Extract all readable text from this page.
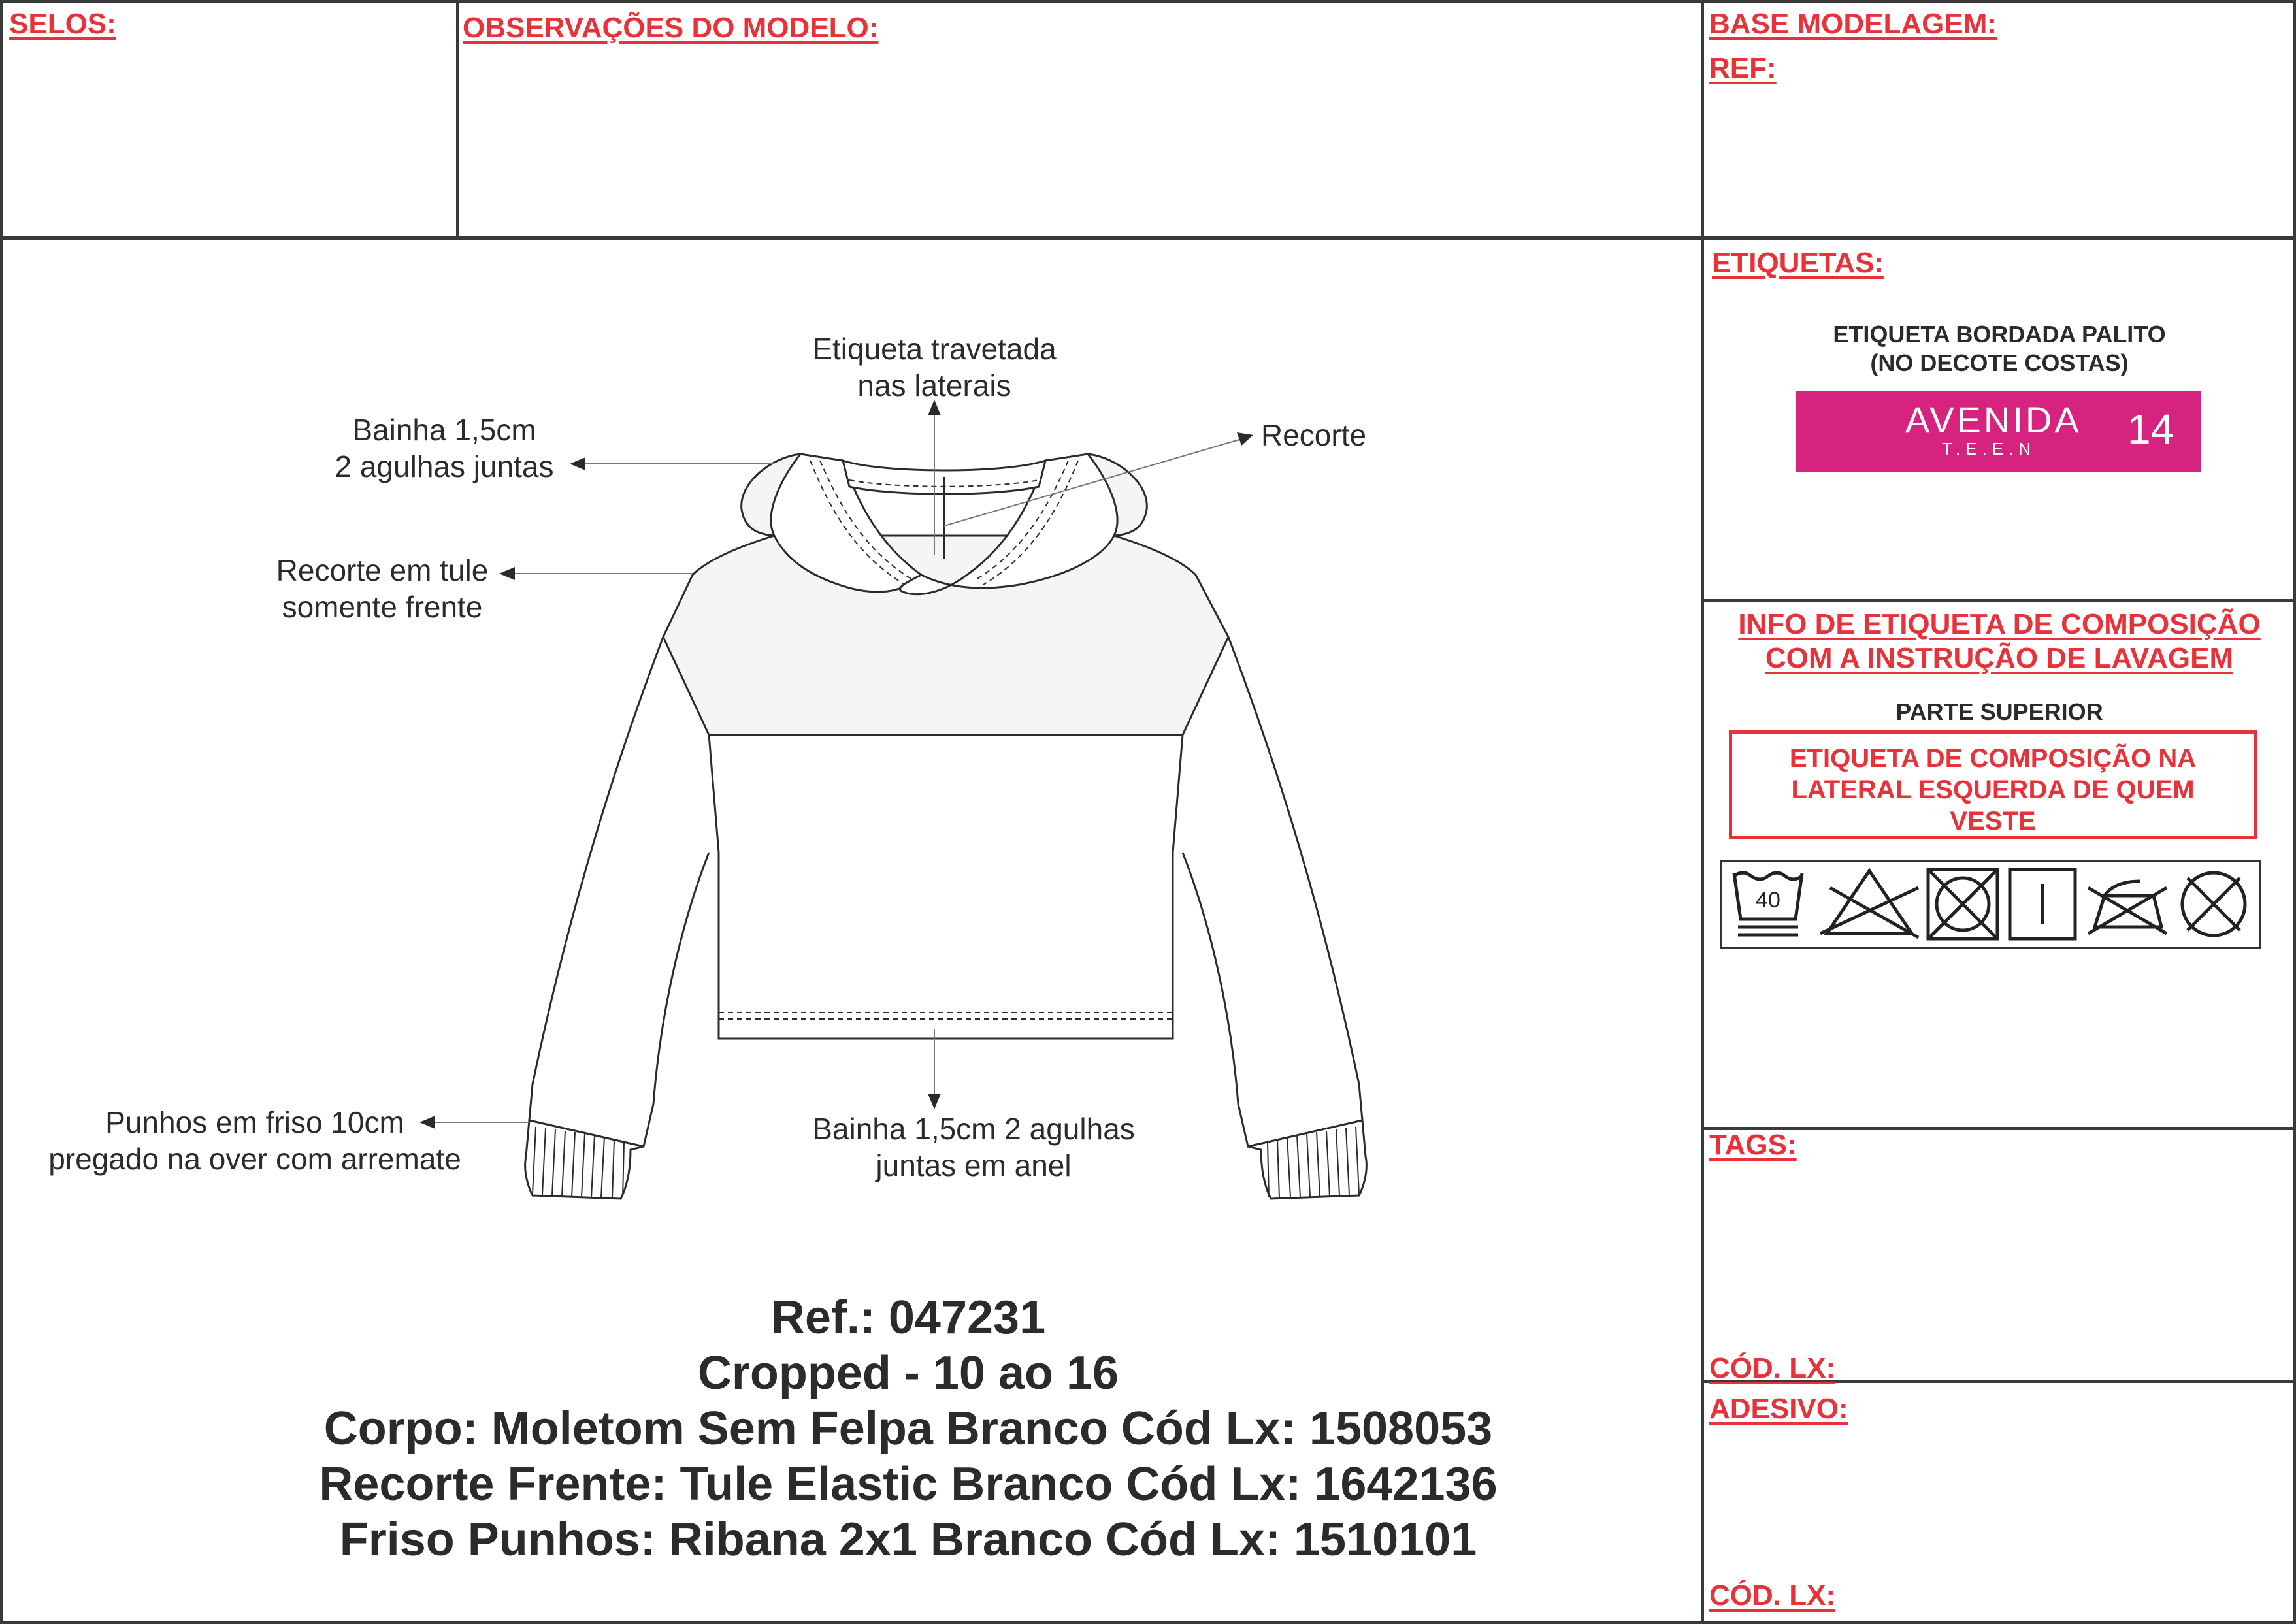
SELOS:	OBSERVAÇÕES DO MODELO:	BASE MODELAGEM:
REF:
Etiqueta travetada
nas laterais
Bainha 1,5cm
2 agulhas juntas
Recorte
Recorte em tule
somente frente
Punhos em friso 10cm
pregado na over com arremate
Bainha 1,5cm 2 agulhas
juntas em anel
Ref.: 047231
Cropped - 10 ao 16
Corpo: Moletom Sem Felpa Branco Cód Lx: 1508053
Recorte Frente: Tule Elastic Branco Cód Lx: 1642136
Friso Punhos: Ribana 2x1 Branco Cód Lx: 1510101
ETIQUETAS:
ETIQUETA BORDADA PALITO
(NO DECOTE COSTAS)
AVENIDA
T.E.E.N 14
INFO DE ETIQUETA DE COMPOSIÇÃO
COM A INSTRUÇÃO DE LAVAGEM
PARTE SUPERIOR
ETIQUETA DE COMPOSIÇÃO NA
LATERAL ESQUERDA DE QUEM
VESTE
40
TAGS:
CÓD. LX:
ADESIVO:
CÓD. LX:
